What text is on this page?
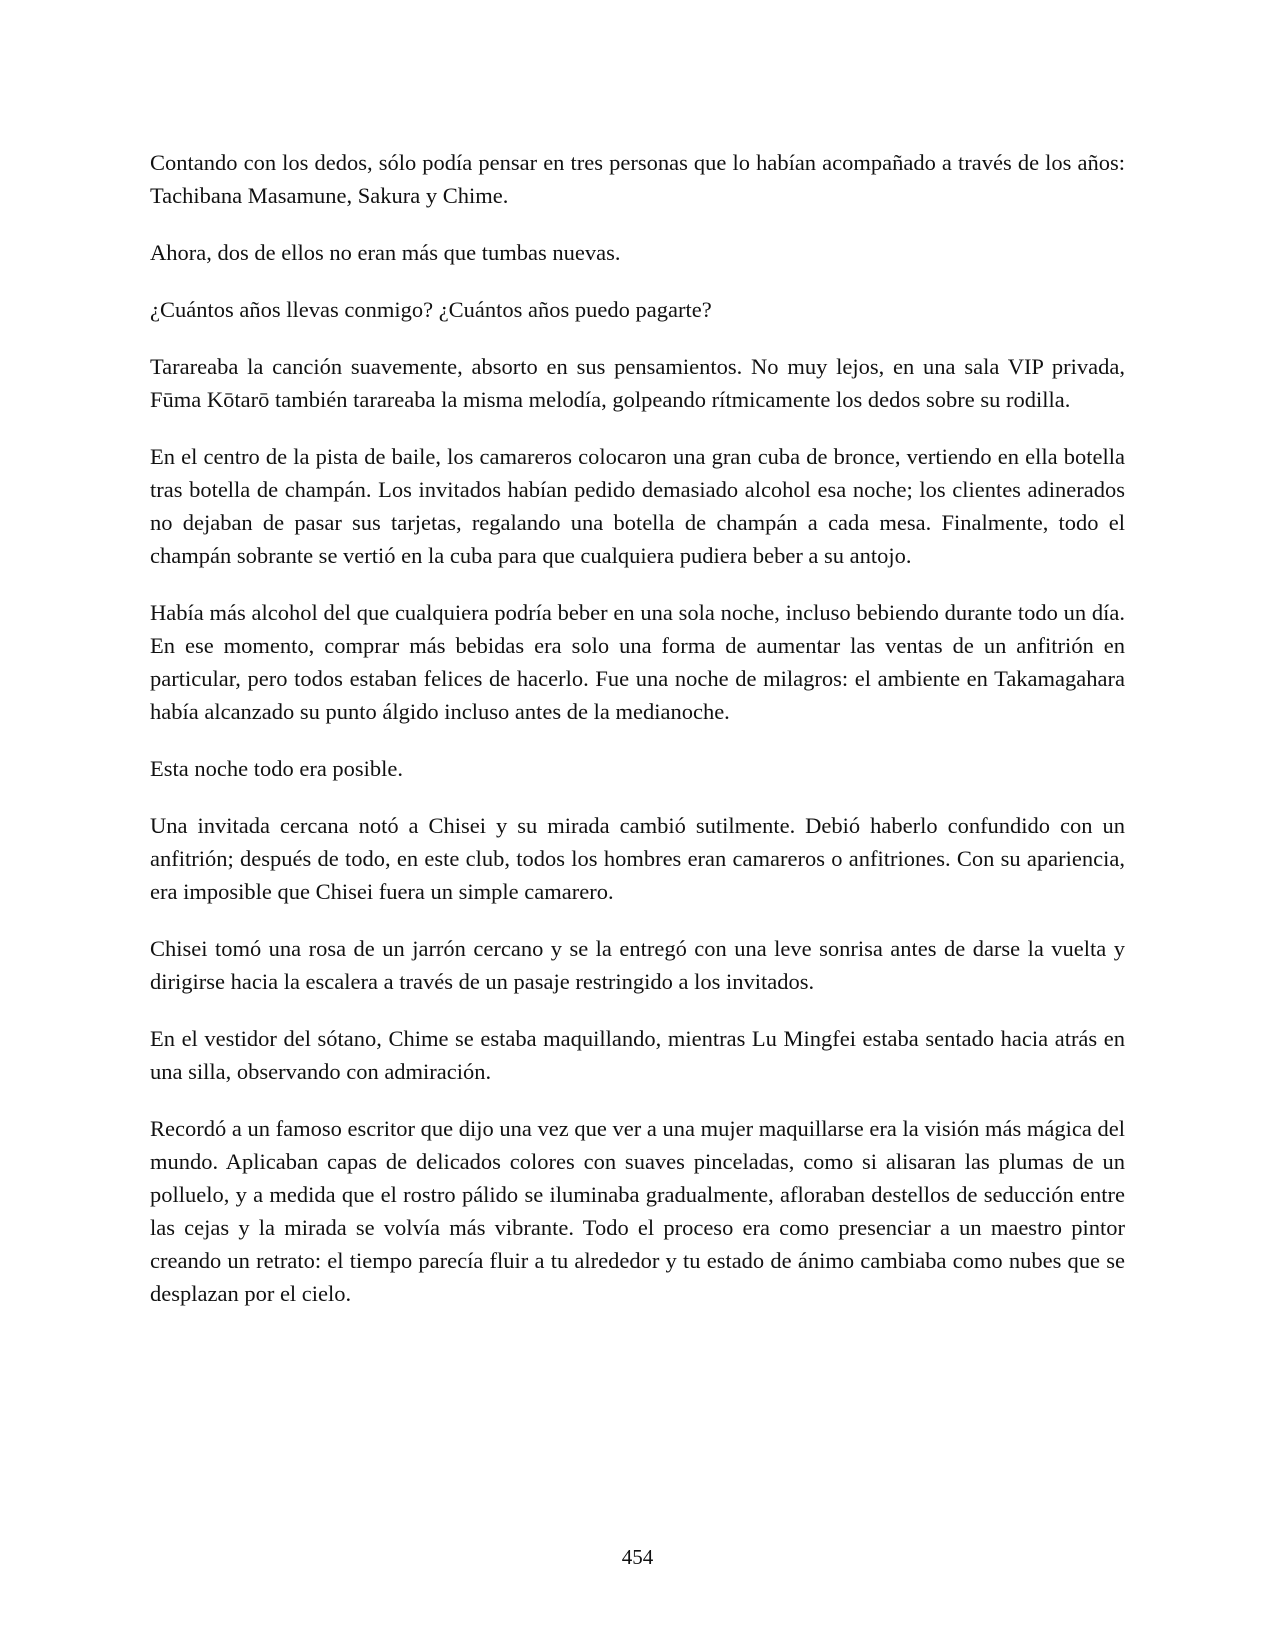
Contando con los dedos, sólo podía pensar en tres personas que lo habían acompañado a través de los años: Tachibana Masamune, Sakura y Chime.

Ahora, dos de ellos no eran más que tumbas nuevas.

¿Cuántos años llevas conmigo? ¿Cuántos años puedo pagarte?

Tarareaba la canción suavemente, absorto en sus pensamientos. No muy lejos, en una sala VIP privada, Fūma Kōtarō también tarareaba la misma melodía, golpeando rítmicamente los dedos sobre su rodilla.

En el centro de la pista de baile, los camareros colocaron una gran cuba de bronce, vertiendo en ella botella tras botella de champán. Los invitados habían pedido demasiado alcohol esa noche; los clientes adinerados no dejaban de pasar sus tarjetas, regalando una botella de champán a cada mesa. Finalmente, todo el champán sobrante se vertió en la cuba para que cualquiera pudiera beber a su antojo.

Había más alcohol del que cualquiera podría beber en una sola noche, incluso bebiendo durante todo un día. En ese momento, comprar más bebidas era solo una forma de aumentar las ventas de un anfitrión en particular, pero todos estaban felices de hacerlo. Fue una noche de milagros: el ambiente en Takamagahara había alcanzado su punto álgido incluso antes de la medianoche.

Esta noche todo era posible.

Una invitada cercana notó a Chisei y su mirada cambió sutilmente. Debió haberlo confundido con un anfitrión; después de todo, en este club, todos los hombres eran camareros o anfitriones. Con su apariencia, era imposible que Chisei fuera un simple camarero.

Chisei tomó una rosa de un jarrón cercano y se la entregó con una leve sonrisa antes de darse la vuelta y dirigirse hacia la escalera a través de un pasaje restringido a los invitados.

En el vestidor del sótano, Chime se estaba maquillando, mientras Lu Mingfei estaba sentado hacia atrás en una silla, observando con admiración.

Recordó a un famoso escritor que dijo una vez que ver a una mujer maquillarse era la visión más mágica del mundo. Aplicaban capas de delicados colores con suaves pinceladas, como si alisaran las plumas de un polluelo, y a medida que el rostro pálido se iluminaba gradualmente, afloraban destellos de seducción entre las cejas y la mirada se volvía más vibrante. Todo el proceso era como presenciar a un maestro pintor creando un retrato: el tiempo parecía fluir a tu alrededor y tu estado de ánimo cambiaba como nubes que se desplazan por el cielo.

454
